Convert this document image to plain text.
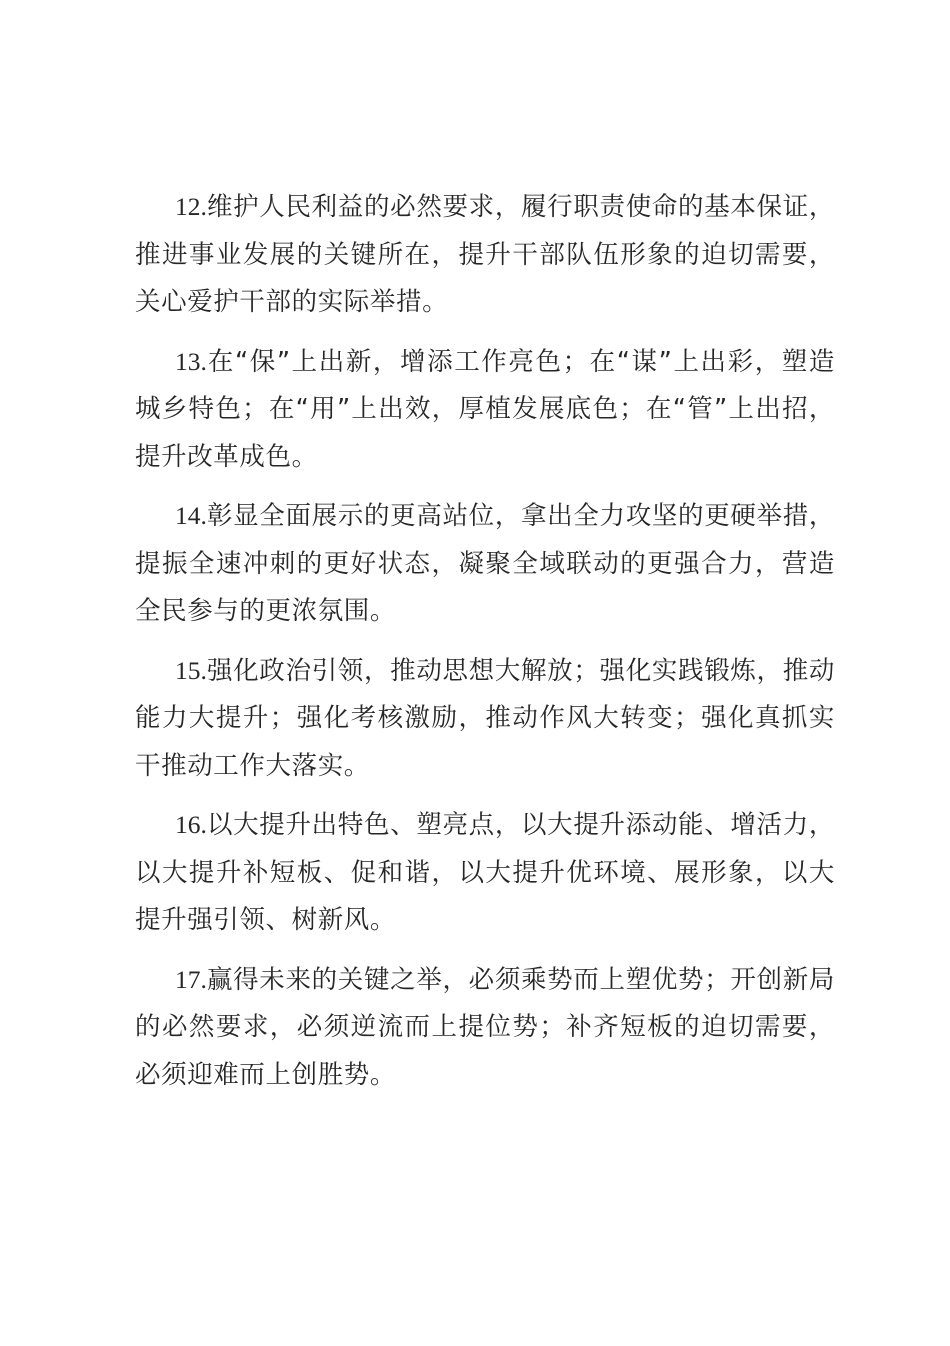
12.维护人民利益的必然要求，履行职责使命的基本保证，推进事业发展的关键所在，提升干部队伍形象的迫切需要，关心爱护干部的实际举措。

13.在“保”上出新，增添工作亮色；在“谋”上出彩，塑造城乡特色；在“用”上出效，厚植发展底色；在“管”上出招，提升改革成色。

14.彰显全面展示的更高站位，拿出全力攻坚的更硬举措，提振全速冲刺的更好状态，凝聚全域联动的更强合力，营造全民参与的更浓氛围。

15.强化政治引领，推动思想大解放；强化实践锻炼，推动能力大提升；强化考核激励，推动作风大转变；强化真抓实干推动工作大落实。

16.以大提升出特色、塑亮点，以大提升添动能、增活力，以大提升补短板、促和谐，以大提升优环境、展形象，以大提升强引领、树新风。

17.赢得未来的关键之举，必须乘势而上塑优势；开创新局的必然要求，必须逆流而上提位势；补齐短板的迫切需要，必须迎难而上创胜势。
